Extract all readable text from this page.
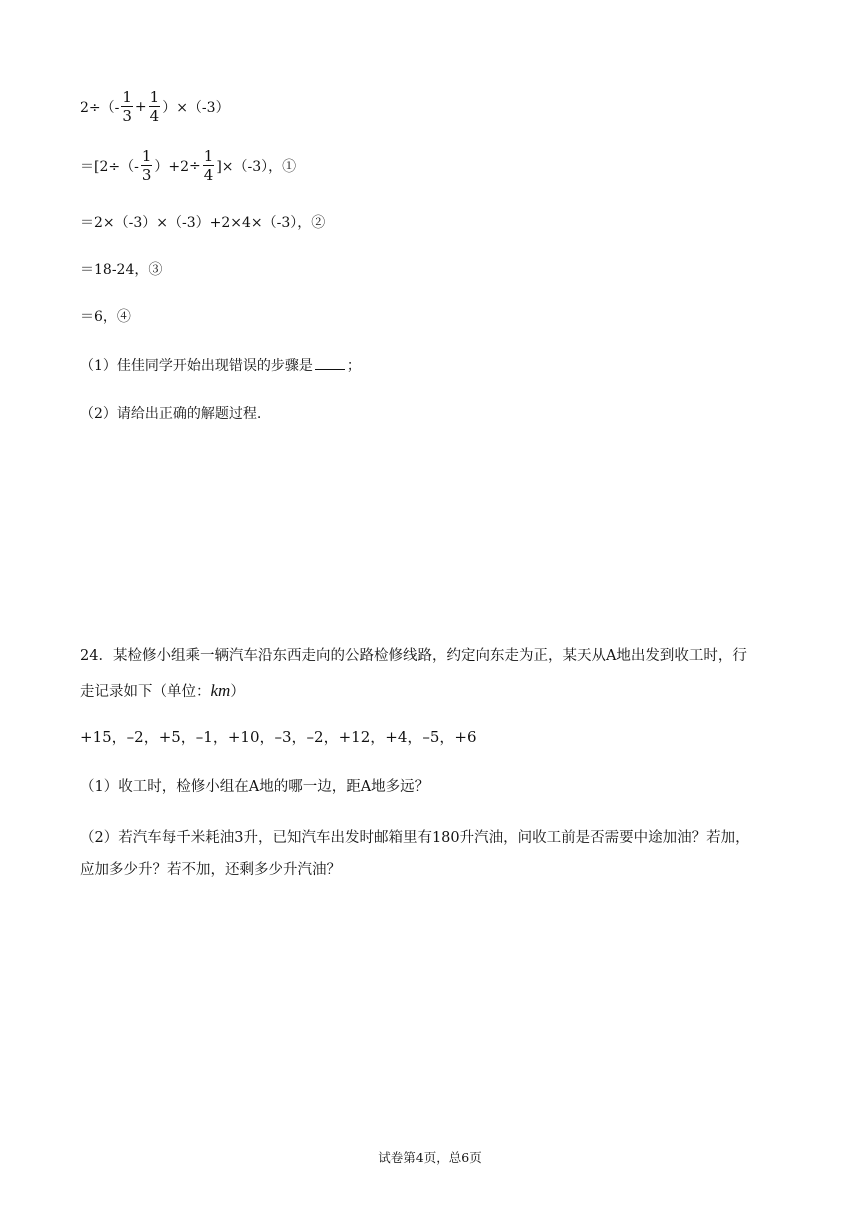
$2\div(- \frac{1}{3} + \frac{1}{4} )\times(-3)$
$=[2\div(- \frac{1}{3} )+2\div \frac{1}{4} ]\times(-3)$，①
＝2×（-3）×（-3）+2×4×（-3），②
＝18-24，③
＝6，④
（1）佳佳同学开始出现错误的步骤是 ；
（2）请给出正确的解题过程.
24．某检修小组乘一辆汽车沿东西走向的公路检修线路，约定向东走为正，某天从A地出发到收工时，行
走记录如下（单位：km）
+15，–2，+5，–1，+10，–3，–2，+12，+4，–5，+6
（1）收工时，检修小组在A地的哪一边，距A地多远？
（2）若汽车每千米耗油3升，已知汽车出发时邮箱里有180升汽油，问收工前是否需要中途加油？若加，
应加多少升？若不加，还剩多少升汽油？
试卷第4页，总6页
